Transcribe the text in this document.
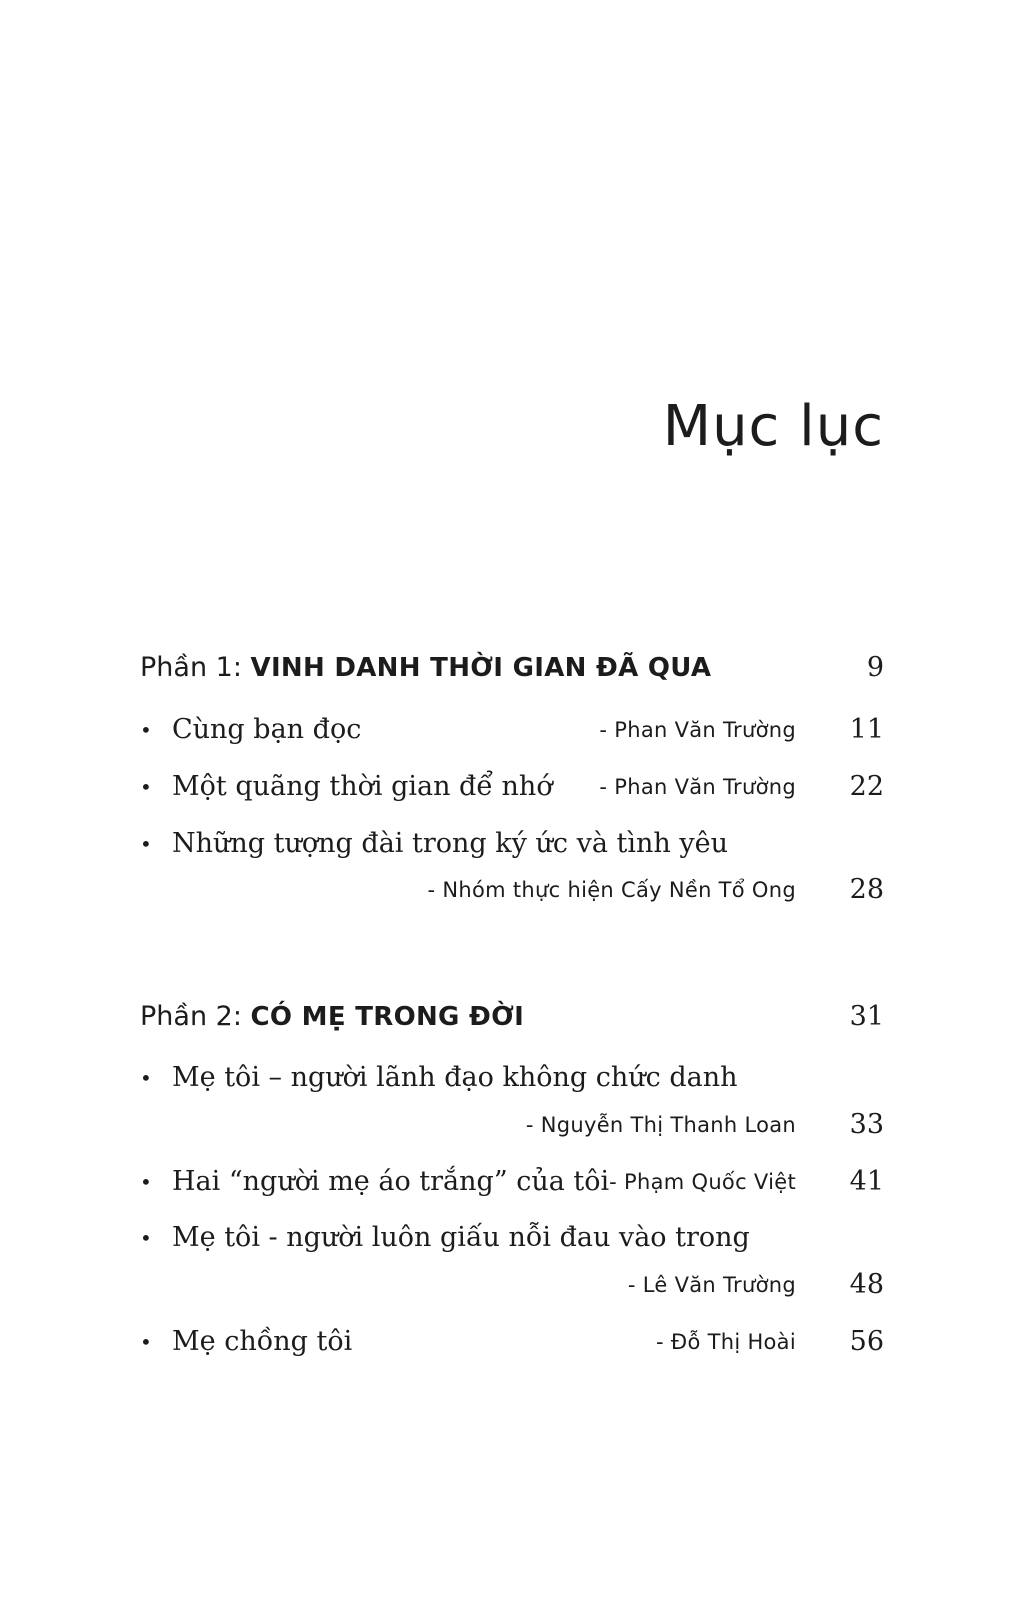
Mục lục
Phần 1: VINH DANH THỜI GIAN ĐÃ QUA	9
• Cùng bạn đọc	- Phan Văn Trường 11
• Một quãng thời gian để nhớ - Phan Văn Trường 22
• Những tượng đài trong ký ức và tình yêu
- Nhóm thực hiện Cấy Nền Tổ Ong 28
Phần 2: CÓ MẸ TRONG ĐỜI	31
• Mẹ tôi – người lãnh đạo không chức danh
- Nguyễn Thị Thanh Loan 33
• Hai “người mẹ áo trắng” của tôi - Phạm Quốc Việt 41
• Mẹ tôi - người luôn giấu nỗi đau vào trong
- Lê Văn Trường 48
• Mẹ chồng tôi	- Đỗ Thị Hoài 56
